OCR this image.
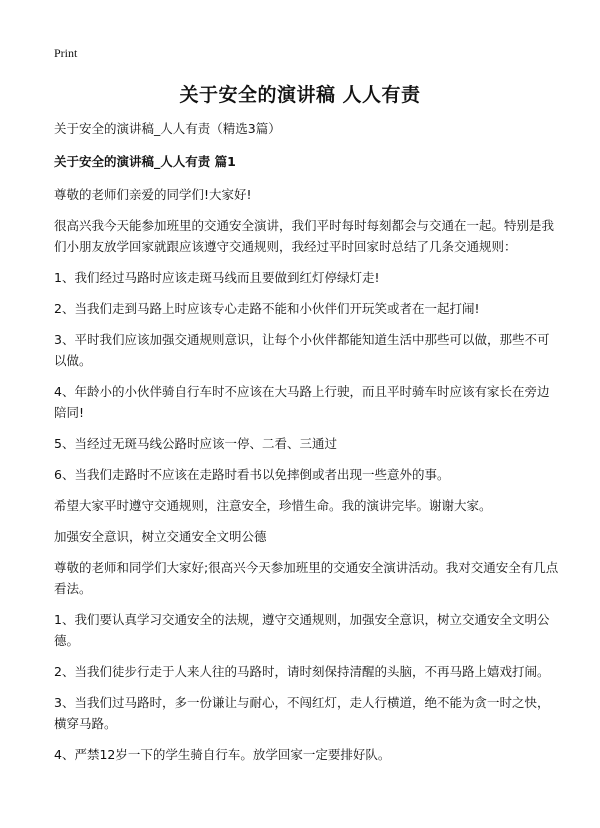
Print
关于安全的演讲稿 人人有责

关于安全的演讲稿_人人有责（精选3篇）

关于安全的演讲稿_人人有责 篇1

尊敬的老师们亲爱的同学们!大家好!

很高兴我今天能参加班里的交通安全演讲，我们平时每时每刻都会与交通在一起。特别是我们小朋友放学回家就跟应该遵守交通规则，我经过平时回家时总结了几条交通规则：

1、我们经过马路时应该走斑马线而且要做到红灯停绿灯走!

2、当我们走到马路上时应该专心走路不能和小伙伴们开玩笑或者在一起打闹!

3、平时我们应该加强交通规则意识，让每个小伙伴都能知道生活中那些可以做，那些不可以做。

4、年龄小的小伙伴骑自行车时不应该在大马路上行驶，而且平时骑车时应该有家长在旁边陪同!

5、当经过无斑马线公路时应该一停、二看、三通过

6、当我们走路时不应该在走路时看书以免摔倒或者出现一些意外的事。

希望大家平时遵守交通规则，注意安全，珍惜生命。我的演讲完毕。谢谢大家。

加强安全意识，树立交通安全文明公德

尊敬的老师和同学们大家好;很高兴今天参加班里的交通安全演讲活动。我对交通安全有几点看法。

1、我们要认真学习交通安全的法规，遵守交通规则，加强安全意识，树立交通安全文明公德。

2、当我们徒步行走于人来人往的马路时，请时刻保持清醒的头脑，不再马路上嬉戏打闹。

3、当我们过马路时，多一份谦让与耐心，不闯红灯，走人行横道，绝不能为贪一时之快，横穿马路。

4、严禁12岁一下的学生骑自行车。放学回家一定要排好队。
